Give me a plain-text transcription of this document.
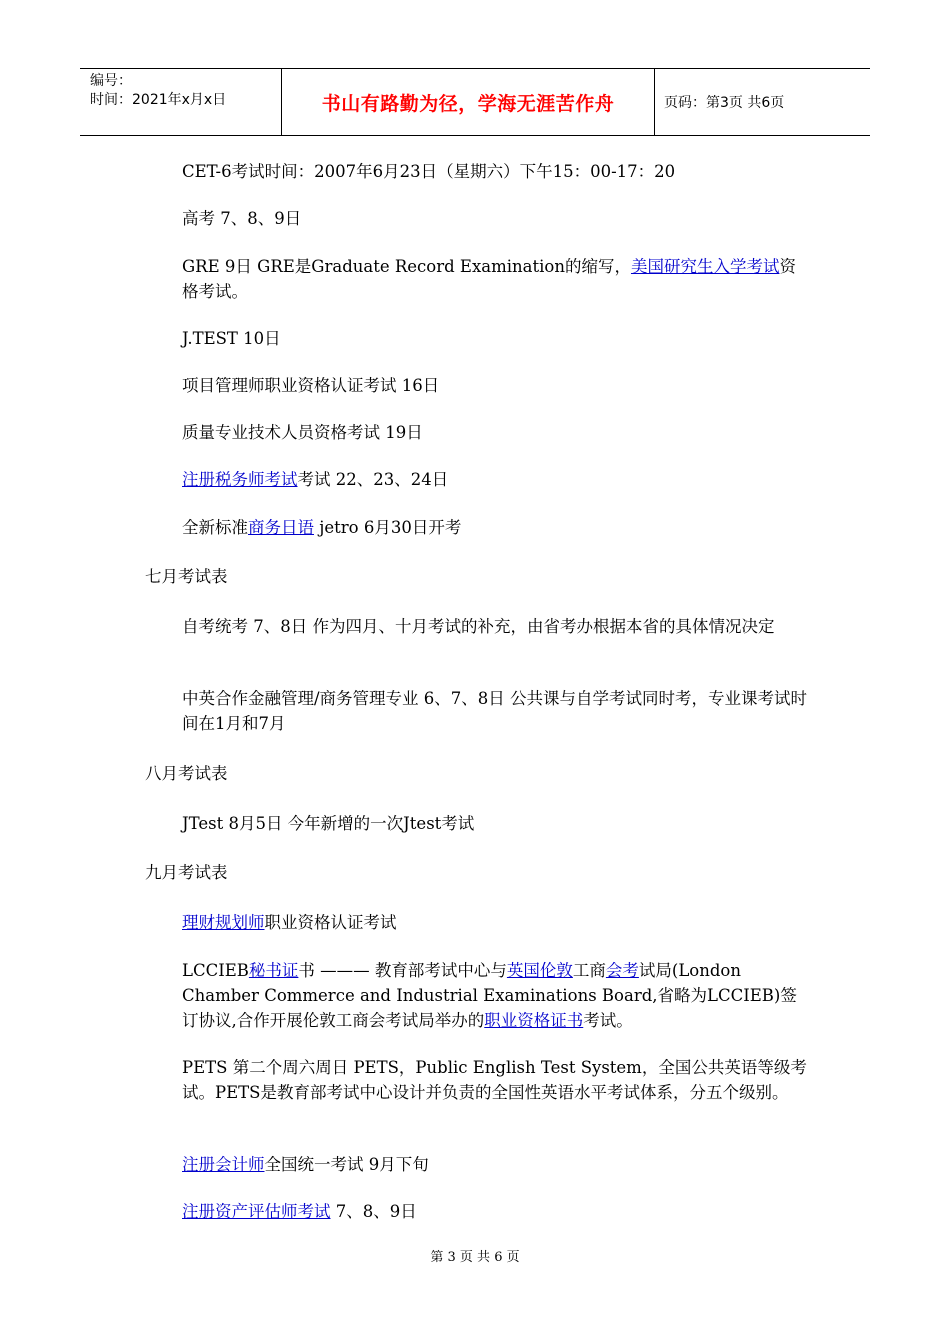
编号：
时间：2021年x月x日	书山有路勤为径，学海无涯苦作舟	页码：第3页 共6页
CET-6考试时间：2007年6月23日（星期六）下午15：00-17：20
高考 7、8、9日
GRE 9日 GRE是Graduate Record Examination的缩写，美国研究生入学考试资格考试。
J.TEST 10日
项目管理师职业资格认证考试 16日
质量专业技术人员资格考试 19日
注册税务师考试考试 22、23、24日
全新标准商务日语 jetro 6月30日开考
七月考试表
自考统考 7、8日 作为四月、十月考试的补充，由省考办根据本省的具体情况决定
中英合作金融管理/商务管理专业 6、7、8日 公共课与自学考试同时考，专业课考试时间在1月和7月
八月考试表
JTest 8月5日 今年新增的一次Jtest考试
九月考试表
理财规划师职业资格认证考试
LCCIEB秘书证书 ——— 教育部考试中心与英国伦敦工商会考试局(London Chamber Commerce and Industrial Examinations Board,省略为LCCIEB)签订协议,合作开展伦敦工商会考试局举办的职业资格证书考试。
PETS 第二个周六周日 PETS，Public English Test System，全国公共英语等级考试。PETS是教育部考试中心设计并负责的全国性英语水平考试体系，分五个级别。
注册会计师全国统一考试 9月下旬
注册资产评估师考试 7、8、9日
第 3 页 共 6 页
